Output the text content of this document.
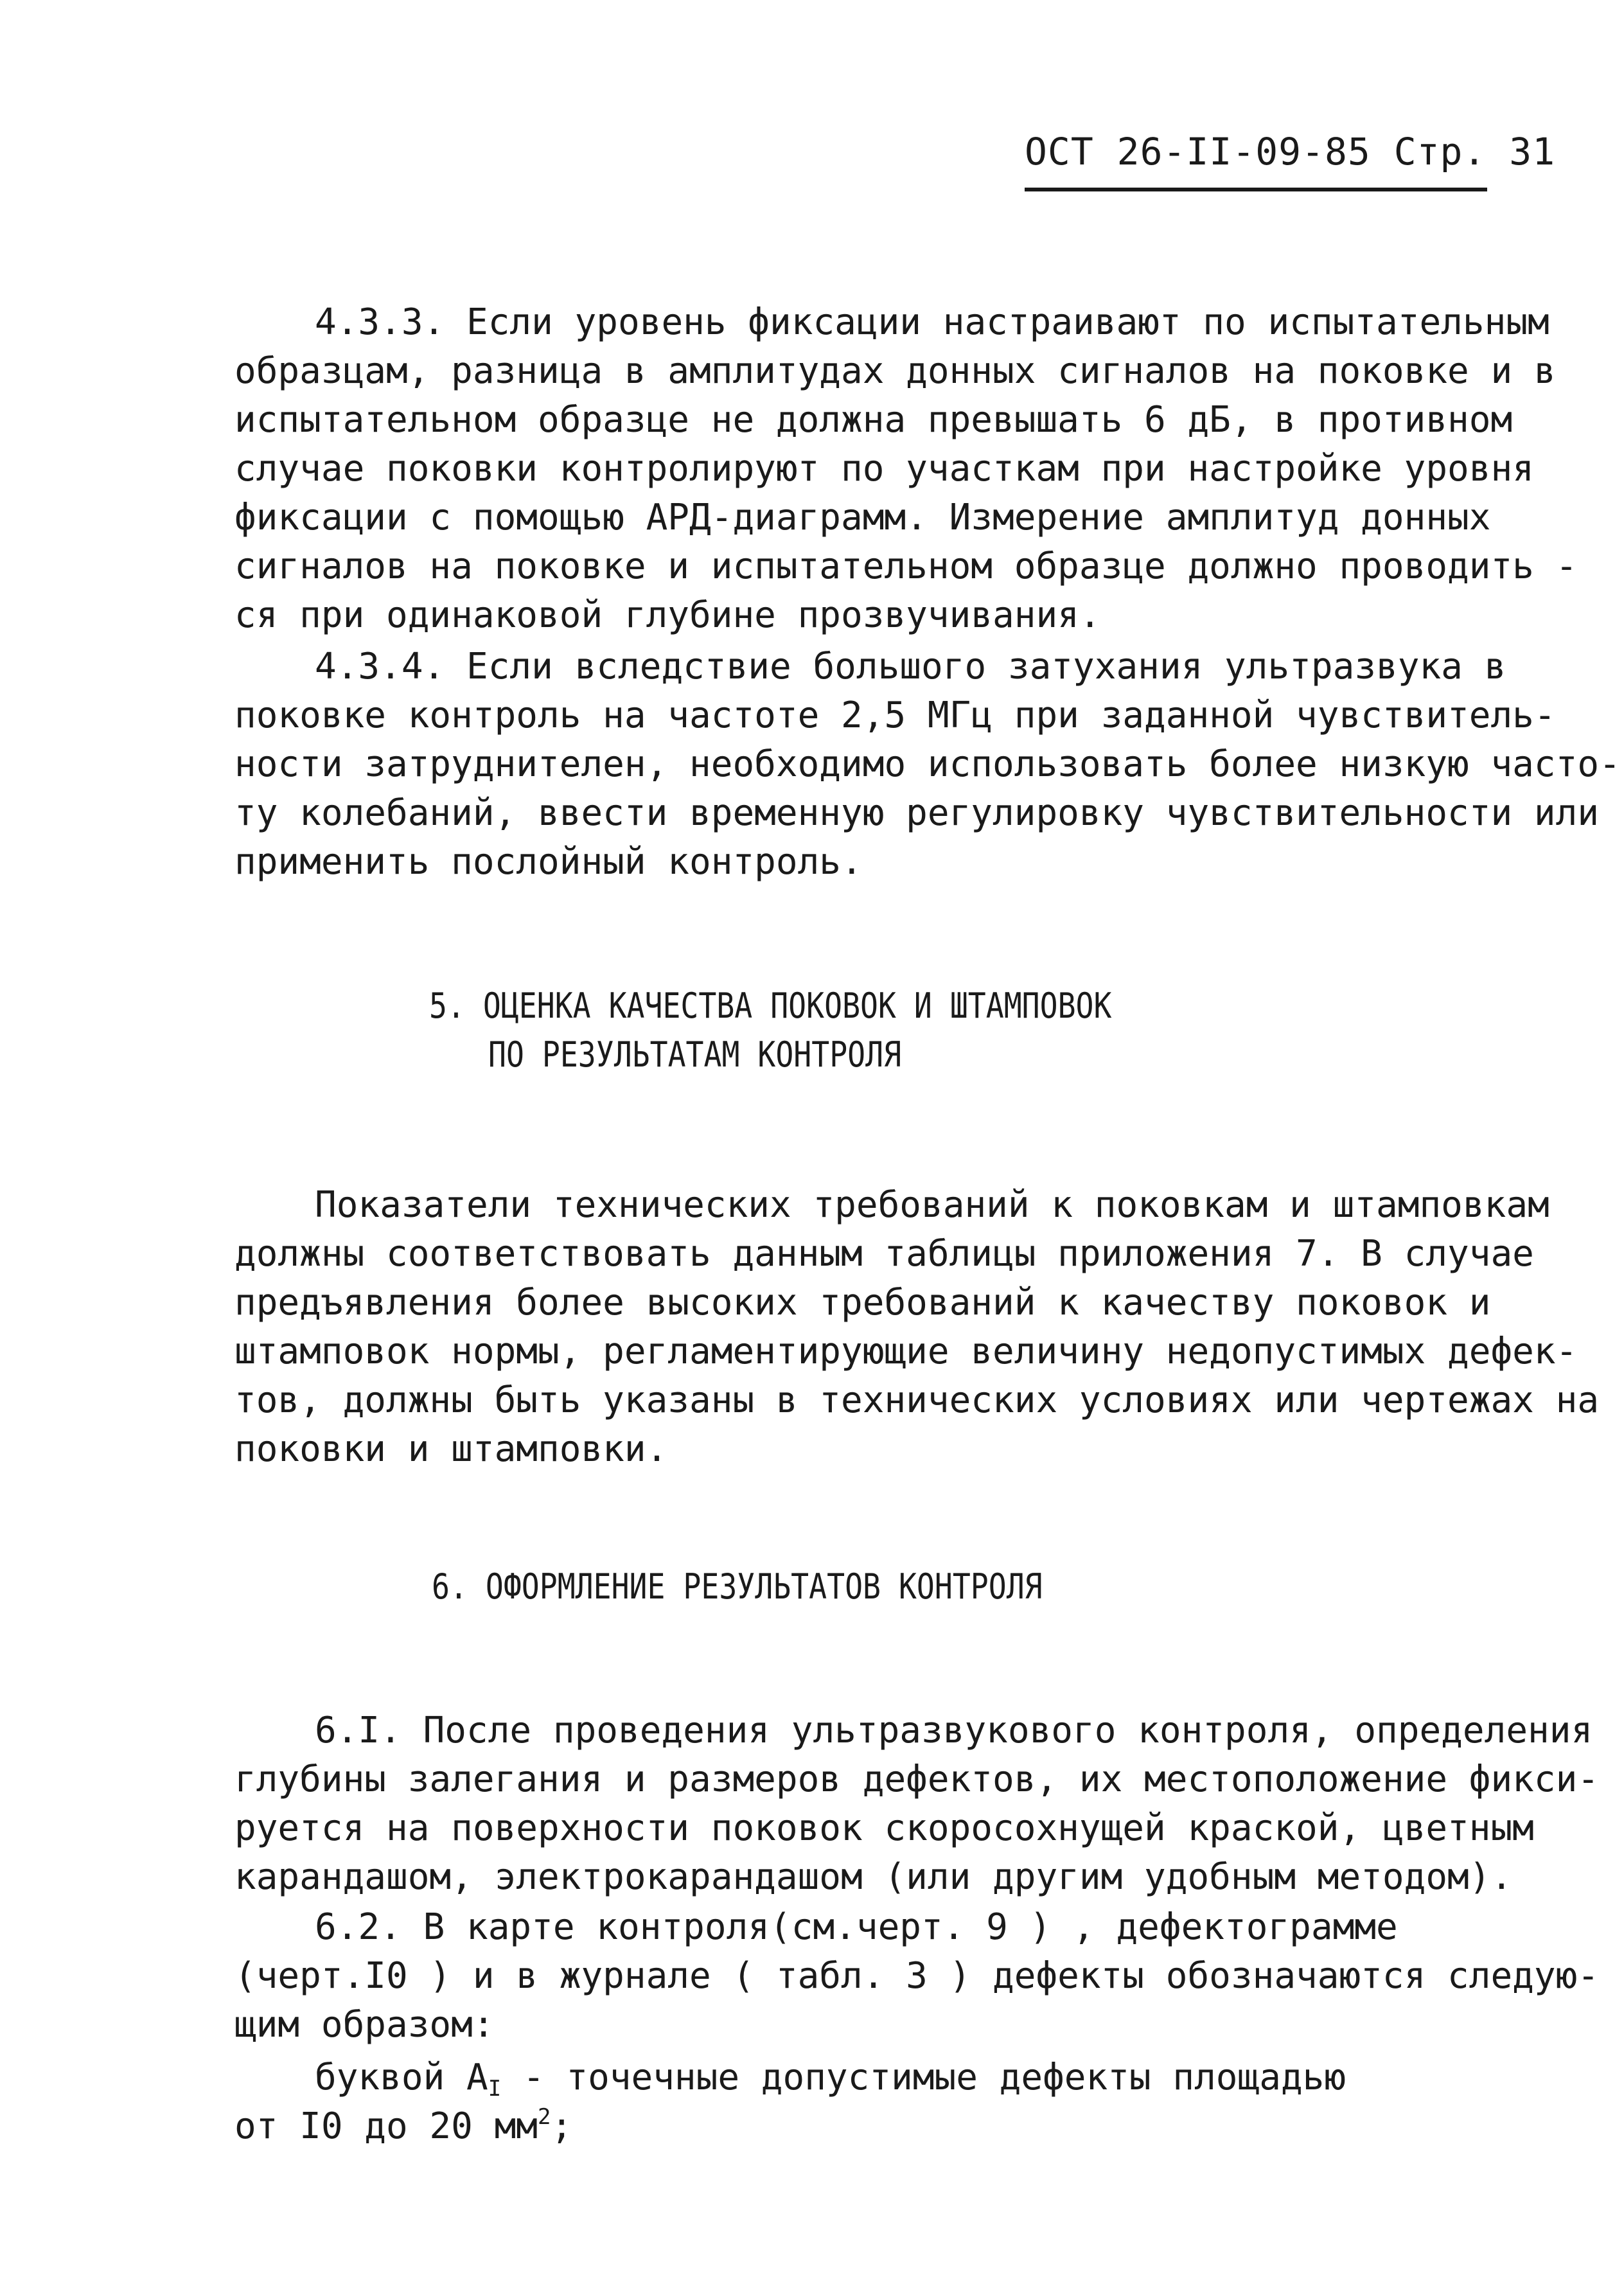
ОСТ 26-II-09-85 Стр. 31
4.3.3. Если уровень фиксации настраивают по испытательным
образцам, разница в амплитудах донных сигналов на поковке и в
испытательном образце не должна превышать 6 дБ, в противном
случае поковки контролируют по участкам при настройке уровня
фиксации с помощью АРД-диаграмм. Измерение амплитуд донных
сигналов на поковке и испытательном образце должно проводить -
ся при одинаковой глубине прозвучивания.
4.3.4. Если вследствие большого затухания ультразвука в
поковке контроль на частоте 2,5 МГц при заданной чувствитель-
ности затруднителен, необходимо использовать более низкую часто-
ту колебаний, ввести временную регулировку чувствительности или
применить послойный контроль.
5. ОЦЕНКА КАЧЕСТВА ПОКОВОК И ШТАМПОВОК
ПО РЕЗУЛЬТАТАМ КОНТРОЛЯ
Показатели технических требований к поковкам и штамповкам
должны соответствовать данным таблицы приложения 7. В случае
предъявления более высоких требований к качеству поковок и
штамповок нормы, регламентирующие величину недопустимых дефек-
тов, должны быть указаны в технических условиях или чертежах на
поковки и штамповки.
6. ОФОРМЛЕНИЕ РЕЗУЛЬТАТОВ КОНТРОЛЯ
6.I. После проведения ультразвукового контроля, определения
глубины залегания и размеров дефектов, их местоположение фикси-
руется на поверхности поковок скоросохнущей краской, цветным
карандашом, электрокарандашом (или другим удобным методом).
6.2. В карте контроля(см.черт. 9 ) , дефектограмме
(черт.I0 ) и в журнале ( табл. 3 ) дефекты обозначаются следую-
щим образом:
буквой $А_I$ - точечные допустимые дефекты площадью
от I0 до 20 $мм^2$;
